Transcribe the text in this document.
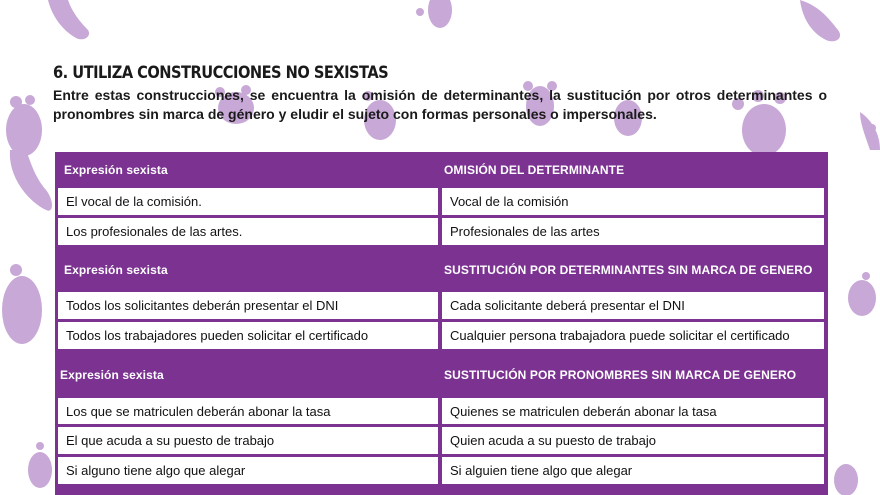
6. UTILIZA CONSTRUCCIONES NO SEXISTAS
Entre estas construcciones, se encuentra la omisión de determinantes, la sustitución por otros determinantes o pronombres sin marca de género y eludir el sujeto con formas personales o impersonales.
Expresión sexista	OMISIÓN DEL DETERMINANTE
El vocal de la comisión.	Vocal de la comisión
Los profesionales de las artes.	Profesionales de las artes
Expresión sexista	SUSTITUCIÓN POR DETERMINANTES SIN MARCA DE GENERO
Todos los solicitantes deberán presentar el DNI	Cada solicitante deberá presentar el DNI
Todos los trabajadores pueden solicitar el certificado	Cualquier persona trabajadora puede solicitar el certificado
Expresión sexista	SUSTITUCIÓN POR PRONOMBRES SIN MARCA DE GENERO
Los que se matriculen deberán abonar la tasa	Quienes se matriculen deberán abonar la tasa
El que acuda a su puesto de trabajo	Quien acuda a su puesto de trabajo
Si alguno tiene algo que alegar	Si alguien tiene algo que alegar
